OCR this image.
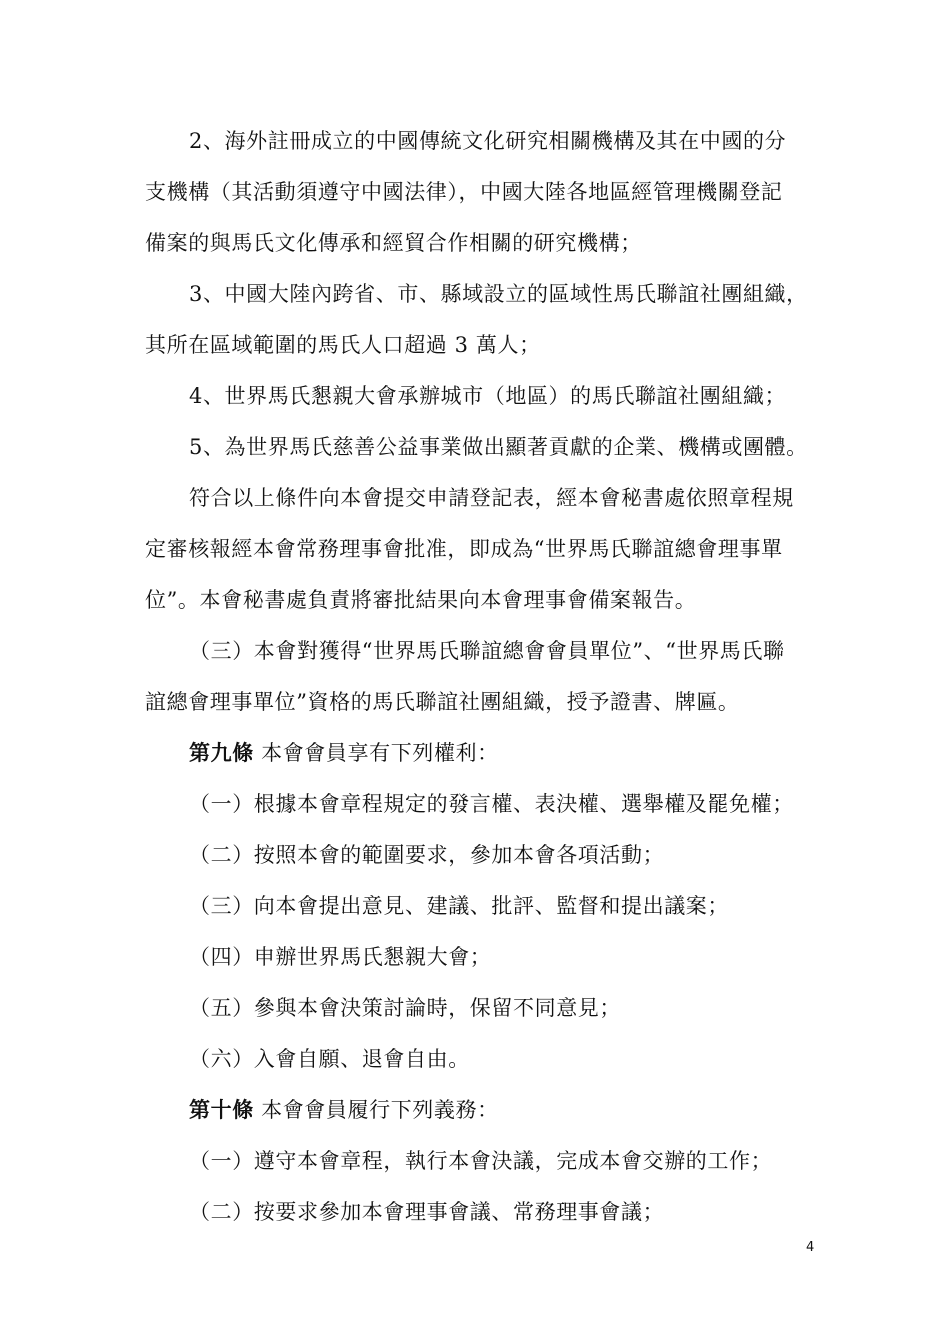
2、海外註冊成立的中國傳統文化研究相關機構及其在中國的分
支機構（其活動須遵守中國法律），中國大陸各地區經管理機關登記
備案的與馬氏文化傳承和經貿合作相關的研究機構；
3、中國大陸內跨省、市、縣域設立的區域性馬氏聯誼社團組織，
其所在區域範圍的馬氏人口超過 3 萬人；
4、世界馬氏懇親大會承辦城市（地區）的馬氏聯誼社團組織；
5、為世界馬氏慈善公益事業做出顯著貢獻的企業、機構或團體。
符合以上條件向本會提交申請登記表，經本會秘書處依照章程規
定審核報經本會常務理事會批准，即成為“世界馬氏聯誼總會理事單
位”。本會秘書處負責將審批結果向本會理事會備案報告。
（三）本會對獲得“世界馬氏聯誼總會會員單位”、“世界馬氏聯
誼總會理事單位”資格的馬氏聯誼社團組織，授予證書、牌匾。
第九條 本會會員享有下列權利：
（一）根據本會章程規定的發言權、表決權、選舉權及罷免權；
（二）按照本會的範圍要求，參加本會各項活動；
（三）向本會提出意見、建議、批評、監督和提出議案；
（四）申辦世界馬氏懇親大會；
（五）參與本會決策討論時，保留不同意見；
（六）入會自願、退會自由。
第十條 本會會員履行下列義務：
（一）遵守本會章程，執行本會決議，完成本會交辦的工作；
（二）按要求參加本會理事會議、常務理事會議；
4
